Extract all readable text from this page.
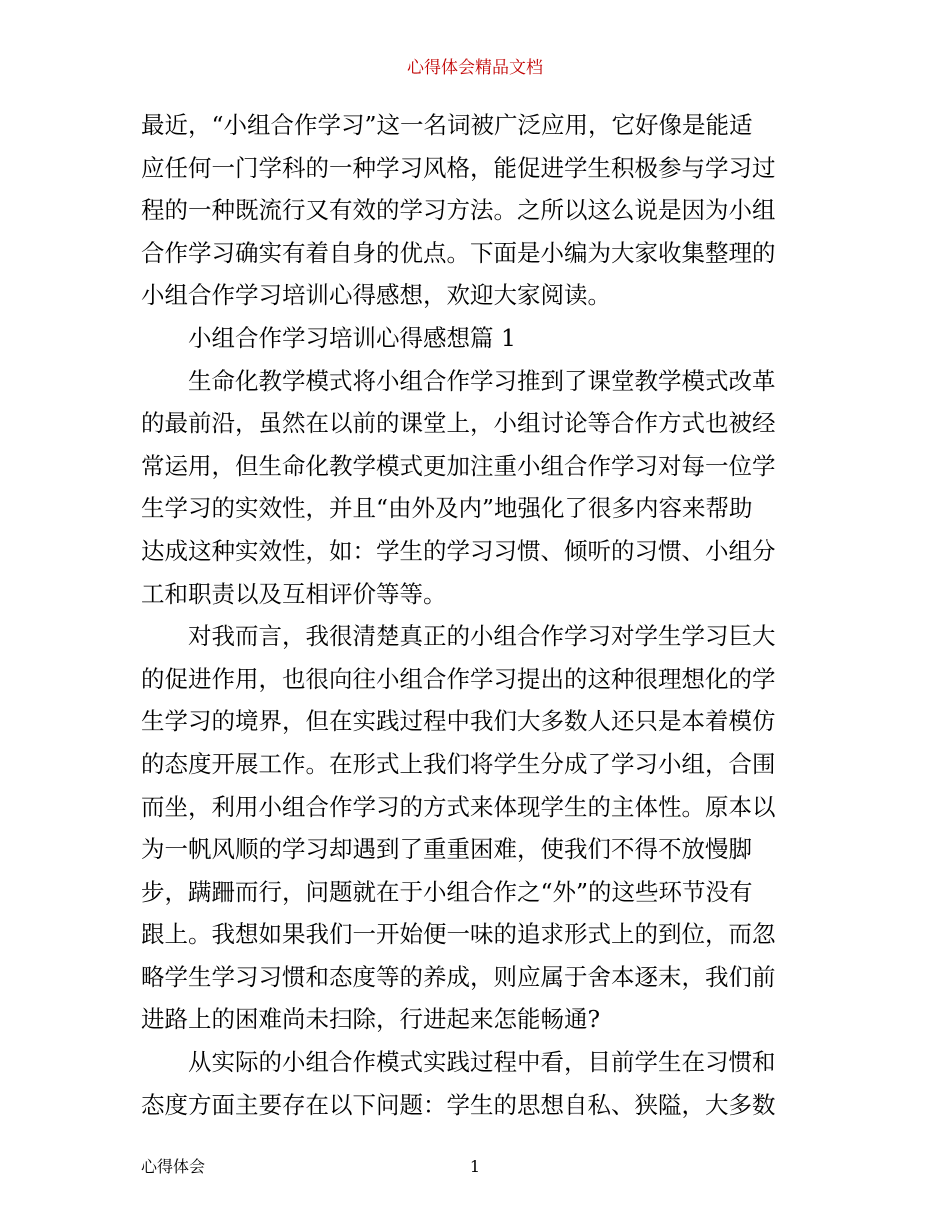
心得体会精品文档

最近，“小组合作学习”这一名词被广泛应用，它好像是能适
应任何一门学科的一种学习风格，能促进学生积极参与学习过
程的一种既流行又有效的学习方法。之所以这么说是因为小组
合作学习确实有着自身的优点。下面是小编为大家收集整理的
小组合作学习培训心得感想，欢迎大家阅读。

小组合作学习培训心得感想篇 1

生命化教学模式将小组合作学习推到了课堂教学模式改革
的最前沿，虽然在以前的课堂上，小组讨论等合作方式也被经
常运用，但生命化教学模式更加注重小组合作学习对每一位学
生学习的实效性，并且“由外及内”地强化了很多内容来帮助
达成这种实效性，如：学生的学习习惯、倾听的习惯、小组分
工和职责以及互相评价等等。

对我而言，我很清楚真正的小组合作学习对学生学习巨大
的促进作用，也很向往小组合作学习提出的这种很理想化的学
生学习的境界，但在实践过程中我们大多数人还只是本着模仿
的态度开展工作。在形式上我们将学生分成了学习小组，合围
而坐，利用小组合作学习的方式来体现学生的主体性。原本以
为一帆风顺的学习却遇到了重重困难，使我们不得不放慢脚
步，蹒跚而行，问题就在于小组合作之“外”的这些环节没有
跟上。我想如果我们一开始便一味的追求形式上的到位，而忽
略学生学习习惯和态度等的养成，则应属于舍本逐末，我们前
进路上的困难尚未扫除，行进起来怎能畅通?

从实际的小组合作模式实践过程中看，目前学生在习惯和
态度方面主要存在以下问题：学生的思想自私、狭隘，大多数

心得体会	1
